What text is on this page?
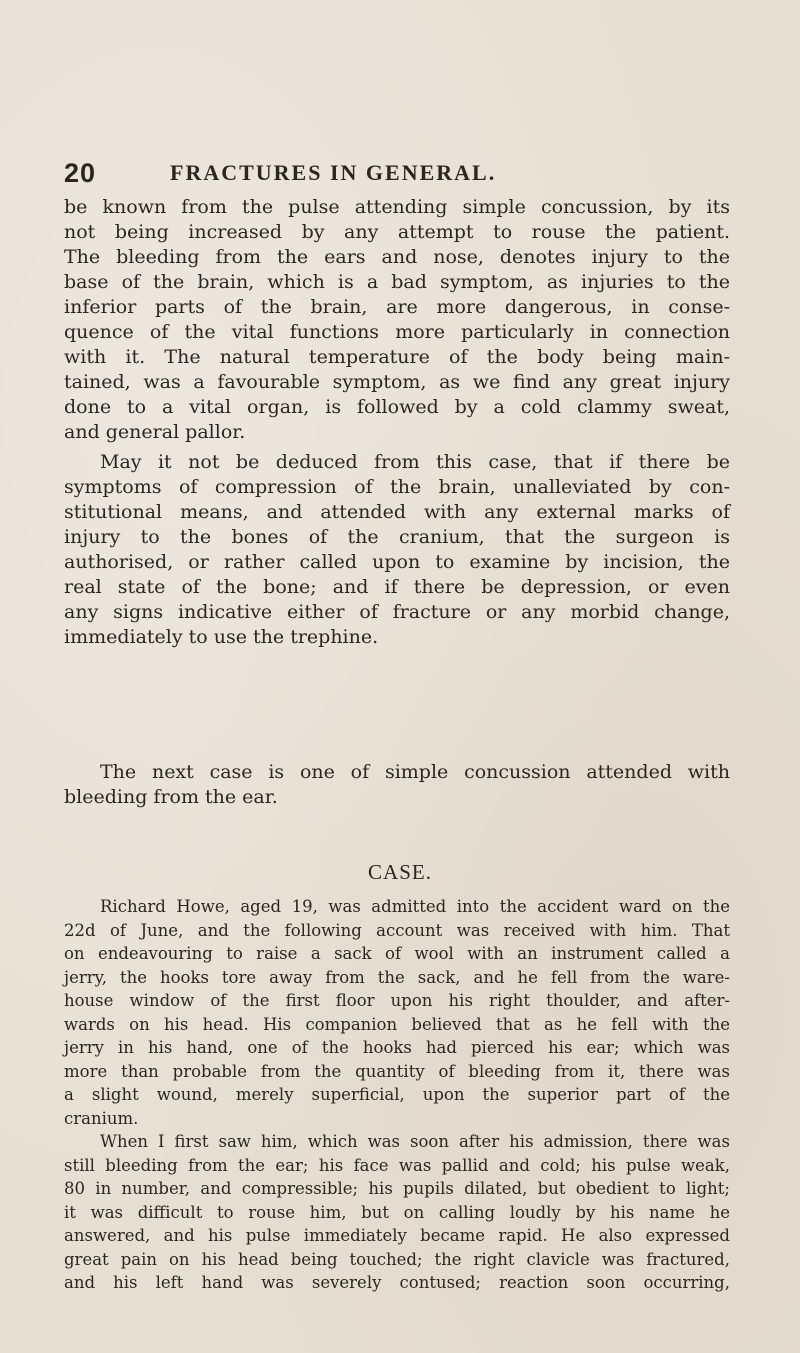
20	FRACTURES IN GENERAL.
be known from the pulse attending simple concussion, by its
not being increased by any attempt to rouse the patient.
The bleeding from the ears and nose, denotes injury to the
base of the brain, which is a bad symptom, as injuries to the
inferior parts of the brain, are more dangerous, in conse-
quence of the vital functions more particularly in connection
with it. The natural temperature of the body being main-
tained, was a favourable symptom, as we find any great injury
done to a vital organ, is followed by a cold clammy sweat,
and general pallor.
May it not be deduced from this case, that if there be
symptoms of compression of the brain, unalleviated by con-
stitutional means, and attended with any external marks of
injury to the bones of the cranium, that the surgeon is
authorised, or rather called upon to examine by incision, the
real state of the bone; and if there be depression, or even
any signs indicative either of fracture or any morbid change,
immediately to use the trephine.
The next case is one of simple concussion attended with
bleeding from the ear.
CASE.
Richard Howe, aged 19, was admitted into the accident ward on the
22d of June, and the following account was received with him. That
on endeavouring to raise a sack of wool with an instrument called a
jerry, the hooks tore away from the sack, and he fell from the ware-
house window of the first floor upon his right thoulder, and after-
wards on his head. His companion believed that as he fell with the
jerry in his hand, one of the hooks had pierced his ear; which was
more than probable from the quantity of bleeding from it, there was
a slight wound, merely superficial, upon the superior part of the
cranium.
When I first saw him, which was soon after his admission, there was
still bleeding from the ear; his face was pallid and cold; his pulse weak,
80 in number, and compressible; his pupils dilated, but obedient to light;
it was difficult to rouse him, but on calling loudly by his name he
answered, and his pulse immediately became rapid. He also expressed
great pain on his head being touched; the right clavicle was fractured,
and his left hand was severely contused; reaction soon occurring,
